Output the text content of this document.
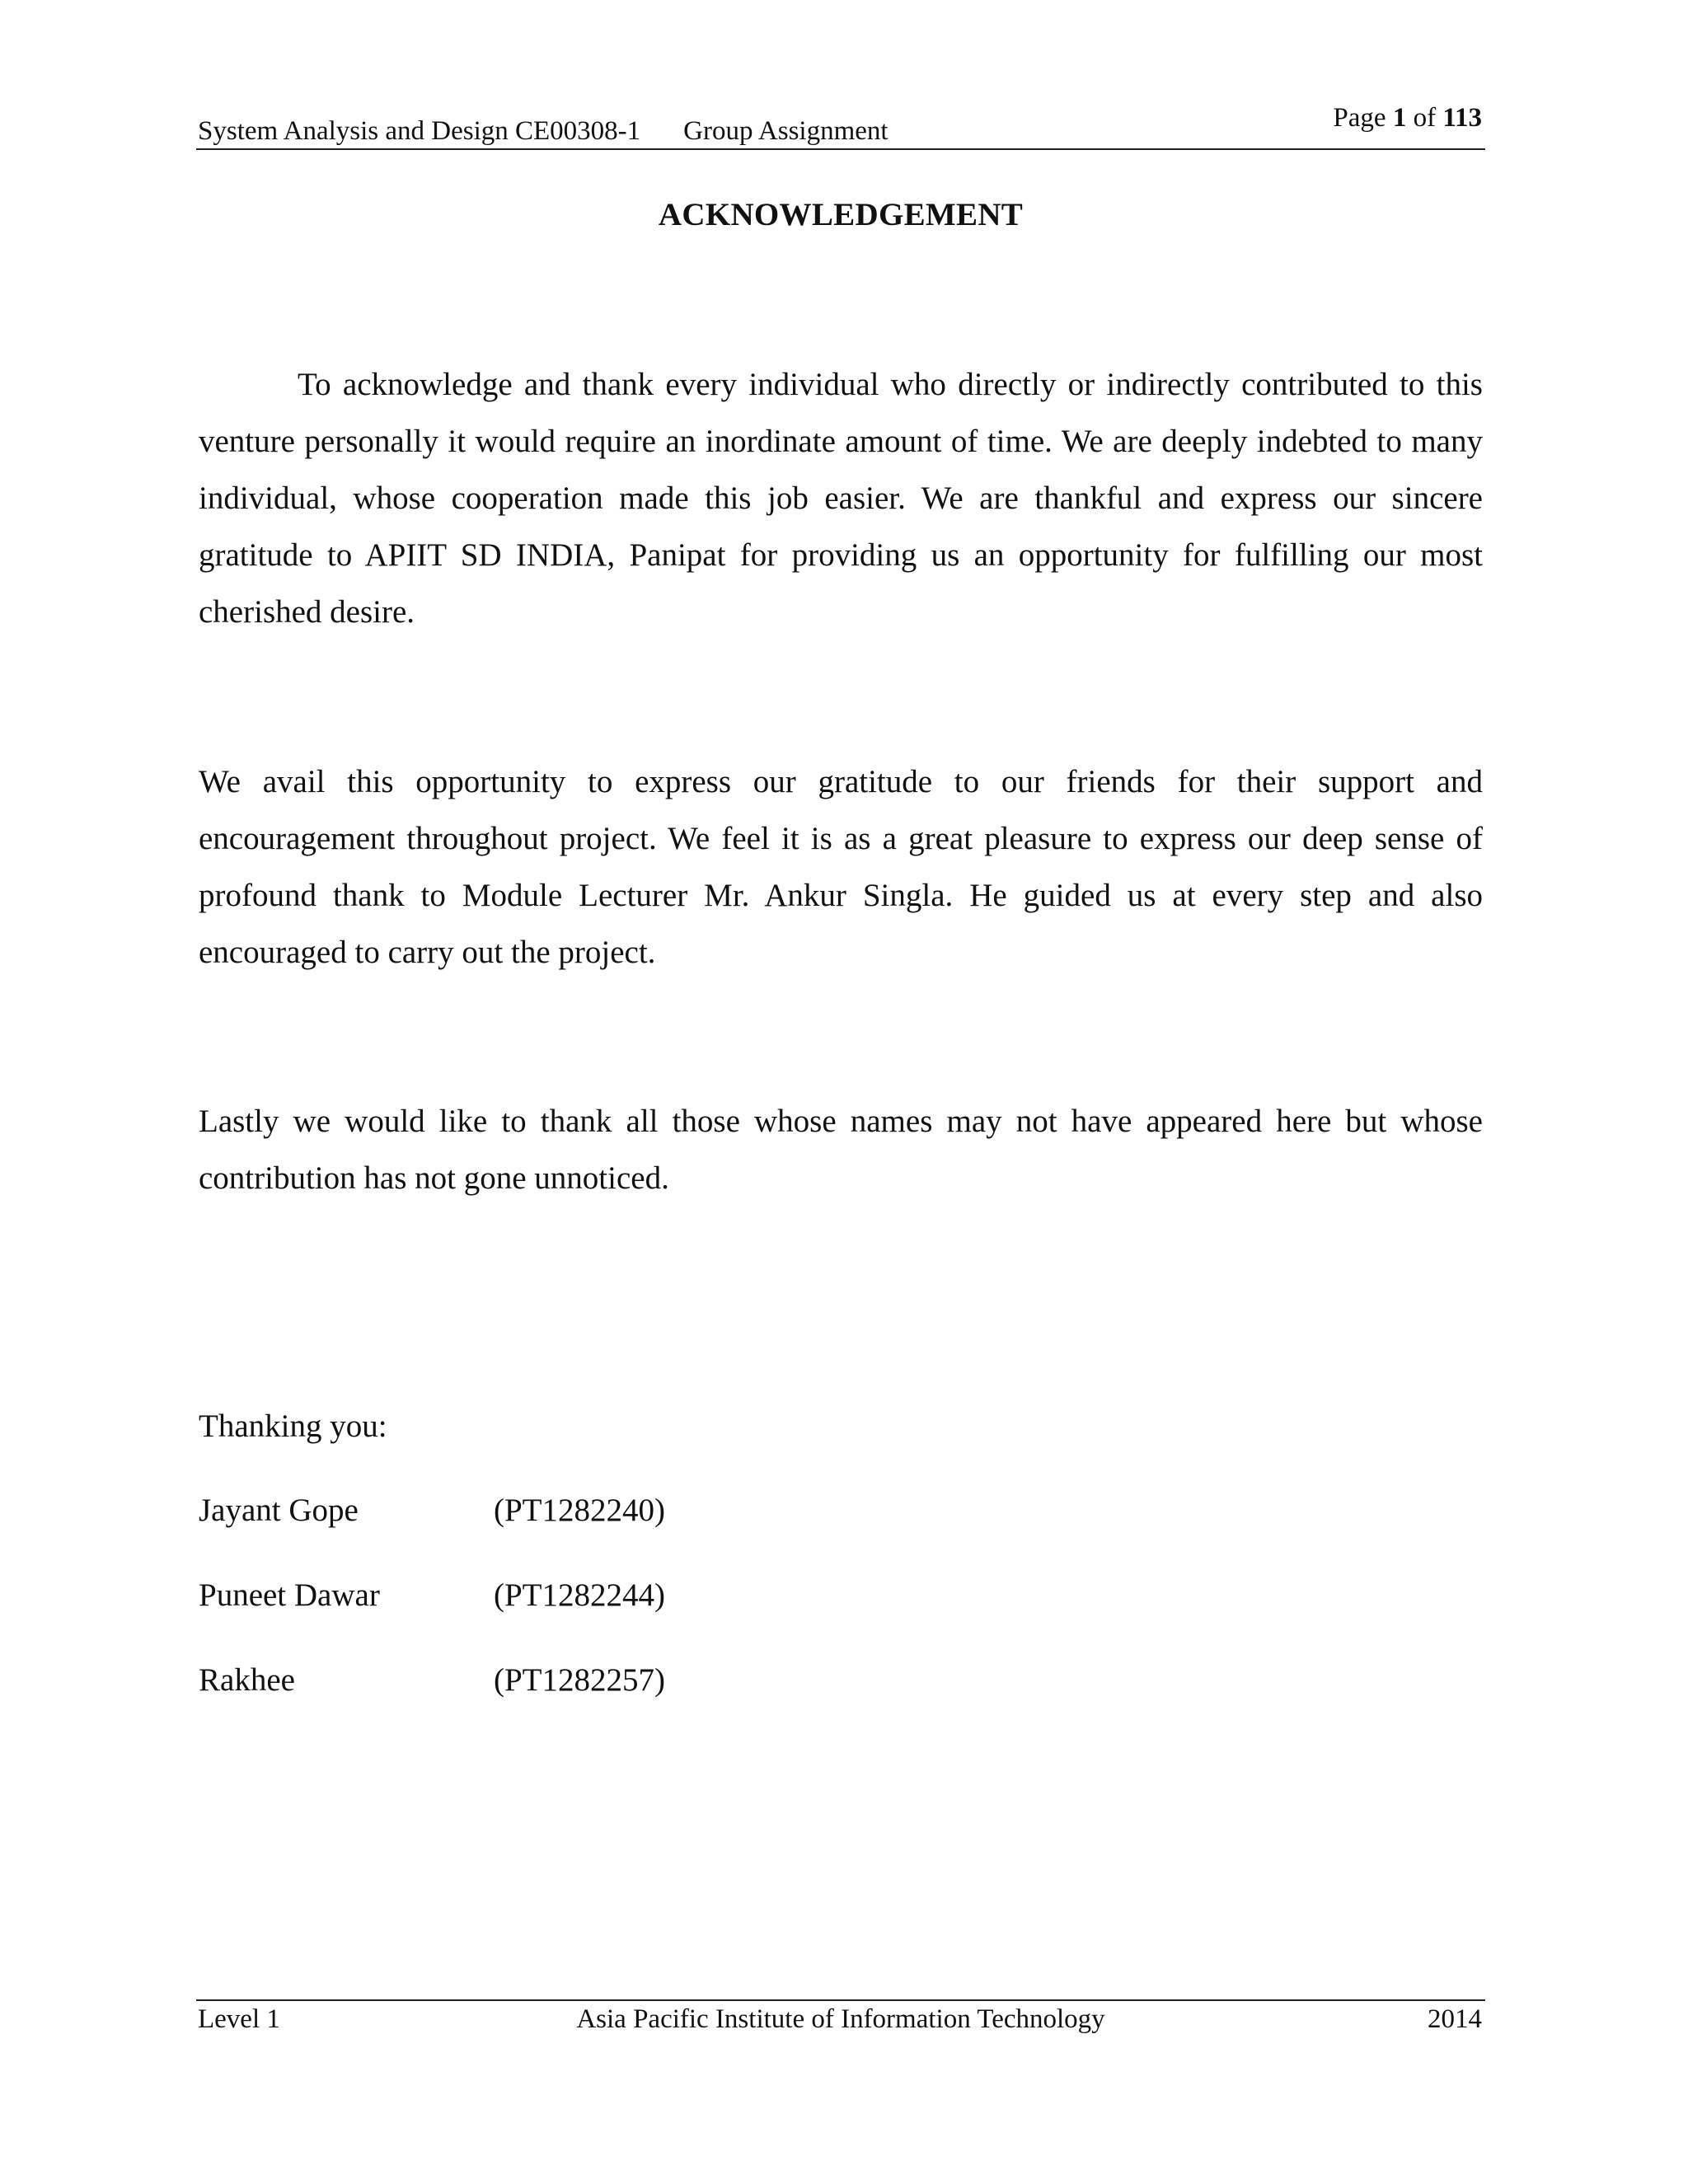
System Analysis and Design CE00308-1 Group Assignment	Page 1 of 113
ACKNOWLEDGEMENT

To acknowledge and thank every individual who directly or indirectly contributed to this venture personally it would require an inordinate amount of time. We are deeply indebted to many individual, whose cooperation made this job easier. We are thankful and express our sincere gratitude to APIIT SD INDIA, Panipat for providing us an opportunity for fulfilling our most cherished desire.

We avail this opportunity to express our gratitude to our friends for their support and encouragement throughout project. We feel it is as a great pleasure to express our deep sense of profound thank to Module Lecturer Mr. Ankur Singla. He guided us at every step and also encouraged to carry out the project.

Lastly we would like to thank all those whose names may not have appeared here but whose contribution has not gone unnoticed.

Thanking you:
Jayant Gope	(PT1282240)
Puneet Dawar	(PT1282244)
Rakhee	(PT1282257)
Level 1	Asia Pacific Institute of Information Technology	2014
